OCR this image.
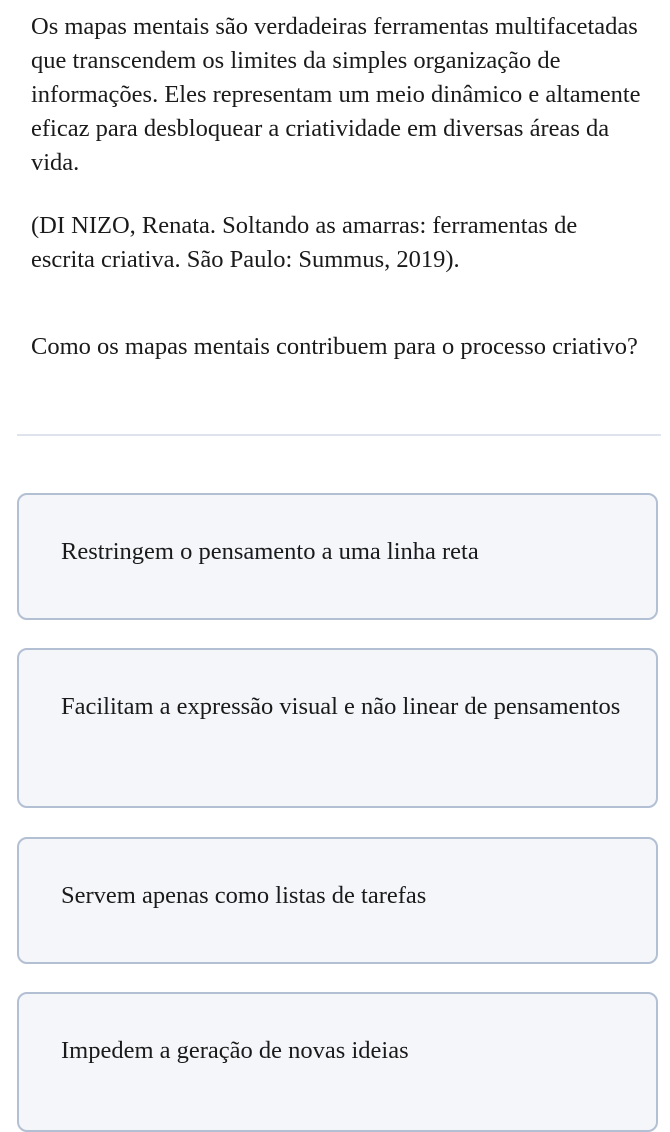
Os mapas mentais são verdadeiras ferramentas multifacetadas que transcendem os limites da simples organização de informações. Eles representam um meio dinâmico e altamente eficaz para desbloquear a criatividade em diversas áreas da vida.

(DI NIZO, Renata. Soltando as amarras: ferramentas de escrita criativa. São Paulo: Summus, 2019).
Como os mapas mentais contribuem para o processo criativo?
Restringem o pensamento a uma linha reta
Facilitam a expressão visual e não linear de pensamentos
Servem apenas como listas de tarefas
Impedem a geração de novas ideias
